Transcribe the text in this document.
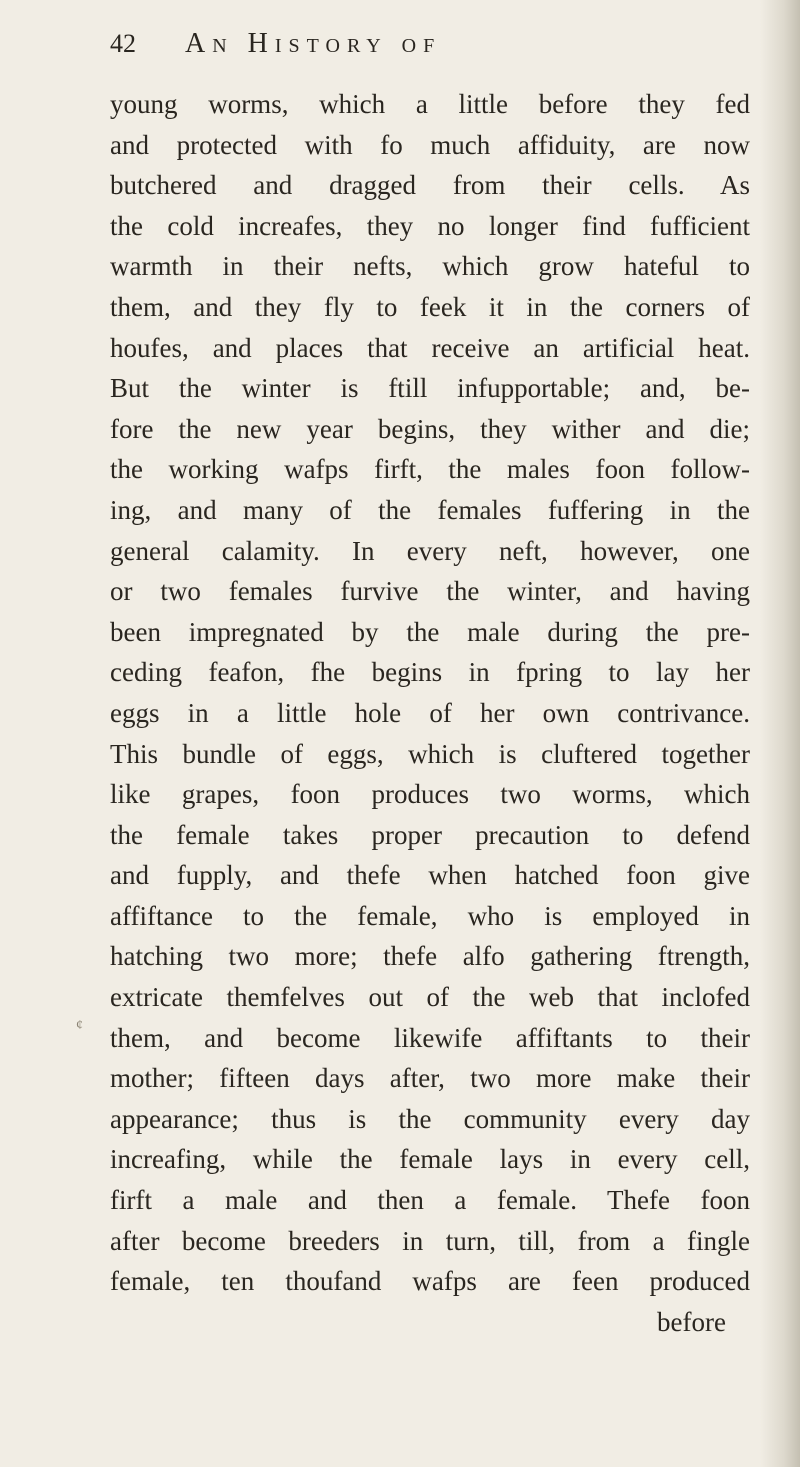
42 An History of
¢
young worms, which a little before they fed
and protected with fo much affiduity, are now
butchered and dragged from their cells. As
the cold increafes, they no longer find fufficient
warmth in their nefts, which grow hateful to
them, and they fly to feek it in the corners of
houfes, and places that receive an artificial heat.
But the winter is ftill infupportable; and, be-
fore the new year begins, they wither and die;
the working wafps firft, the males foon follow-
ing, and many of the females fuffering in the
general calamity. In every neft, however, one
or two females furvive the winter, and having
been impregnated by the male during the pre-
ceding feafon, fhe begins in fpring to lay her
eggs in a little hole of her own contrivance.
This bundle of eggs, which is cluftered together
like grapes, foon produces two worms, which
the female takes proper precaution to defend
and fupply, and thefe when hatched foon give
affiftance to the female, who is employed in
hatching two more; thefe alfo gathering ftrength,
extricate themfelves out of the web that inclofed
them, and become likewife affiftants to their
mother; fifteen days after, two more make their
appearance; thus is the community every day
increafing, while the female lays in every cell,
firft a male and then a female. Thefe foon
after become breeders in turn, till, from a fingle
female, ten thoufand wafps are feen produced
before
